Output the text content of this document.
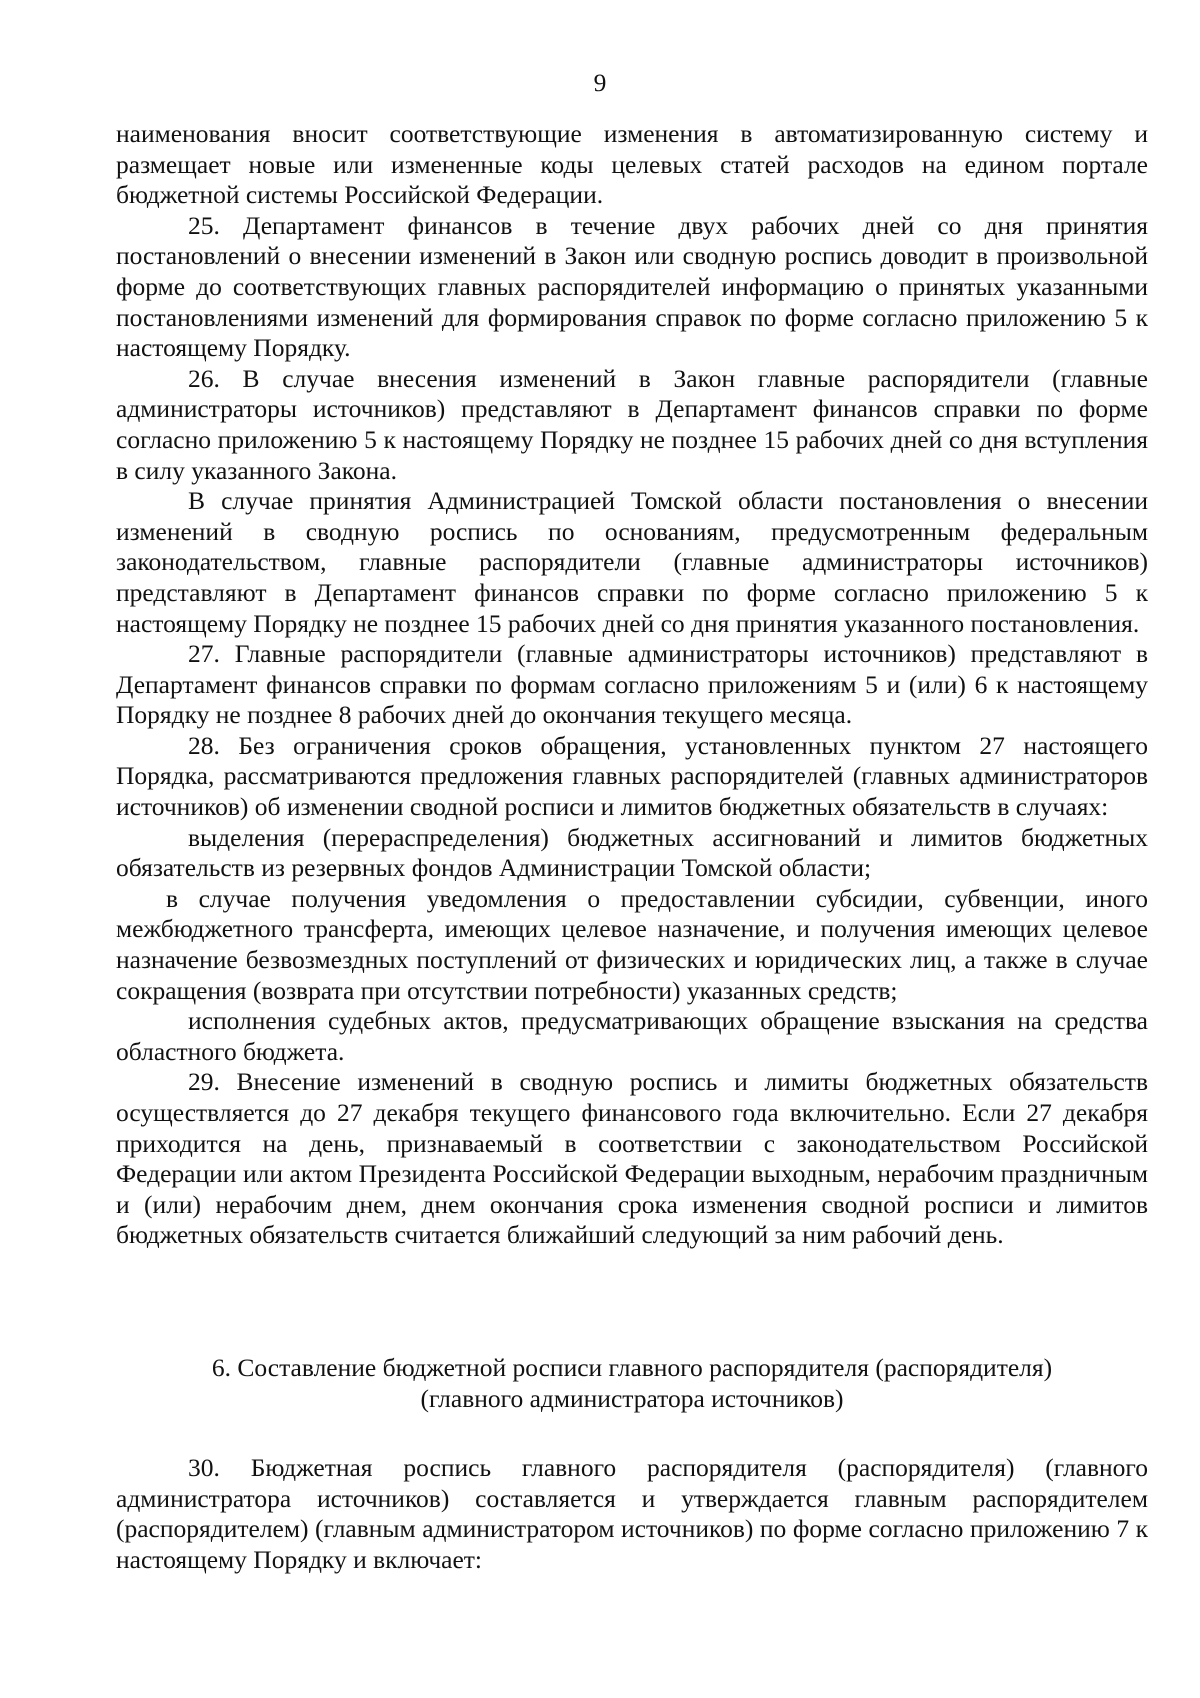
9

наименования вносит соответствующие изменения в автоматизированную систему и размещает новые или измененные коды целевых статей расходов на едином портале бюджетной системы Российской Федерации.

25. Департамент финансов в течение двух рабочих дней со дня принятия постановлений о внесении изменений в Закон или сводную роспись доводит в произвольной форме до соответствующих главных распорядителей информацию о принятых указанными постановлениями изменений для формирования справок по форме согласно приложению 5 к настоящему Порядку.

26. В случае внесения изменений в Закон главные распорядители (главные администраторы источников) представляют в Департамент финансов справки по форме согласно приложению 5 к настоящему Порядку не позднее 15 рабочих дней со дня вступления в силу указанного Закона.

В случае принятия Администрацией Томской области постановления о внесении изменений в сводную роспись по основаниям, предусмотренным федеральным законодательством, главные распорядители (главные администраторы источников) представляют в Департамент финансов справки по форме согласно приложению 5 к настоящему Порядку не позднее 15 рабочих дней со дня принятия указанного постановления.

27. Главные распорядители (главные администраторы источников) представляют в Департамент финансов справки по формам согласно приложениям 5 и (или) 6 к настоящему Порядку не позднее 8 рабочих дней до окончания текущего месяца.

28. Без ограничения сроков обращения, установленных пунктом 27 настоящего Порядка, рассматриваются предложения главных распорядителей (главных администраторов источников) об изменении сводной росписи и лимитов бюджетных обязательств в случаях:

выделения (перераспределения) бюджетных ассигнований и лимитов бюджетных обязательств из резервных фондов Администрации Томской области;

в случае получения уведомления о предоставлении субсидии, субвенции, иного межбюджетного трансферта, имеющих целевое назначение, и получения имеющих целевое назначение безвозмездных поступлений от физических и юридических лиц, а также в случае сокращения (возврата при отсутствии потребности) указанных средств;

исполнения судебных актов, предусматривающих обращение взыскания на средства областного бюджета.

29. Внесение изменений в сводную роспись и лимиты бюджетных обязательств осуществляется до 27 декабря текущего финансового года включительно. Если 27 декабря приходится на день, признаваемый в соответствии с законодательством Российской Федерации или актом Президента Российской Федерации выходным, нерабочим праздничным и (или) нерабочим днем, днем окончания срока изменения сводной росписи и лимитов бюджетных обязательств считается ближайший следующий за ним рабочий день.

6. Составление бюджетной росписи главного распорядителя (распорядителя)
(главного администратора источников)

30. Бюджетная роспись главного распорядителя (распорядителя) (главного администратора источников) составляется и утверждается главным распорядителем (распорядителем) (главным администратором источников) по форме согласно приложению 7 к настоящему Порядку и включает:
